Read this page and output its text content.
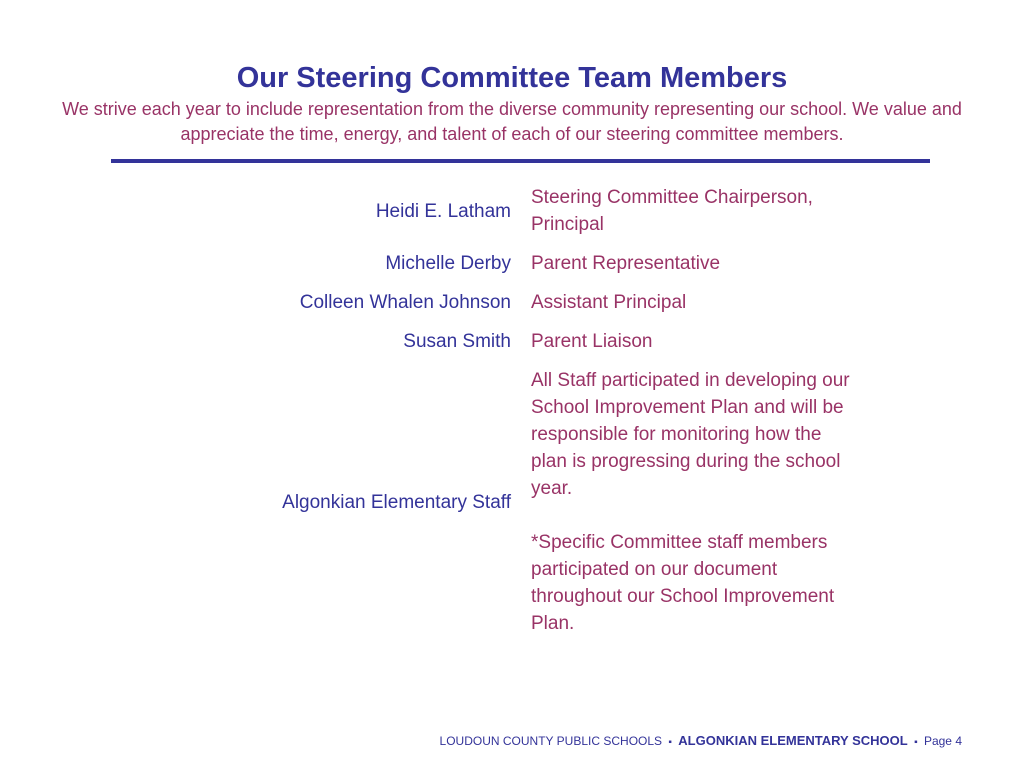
Our Steering Committee Team Members
We strive each year to include representation from the diverse community representing our school. We value and appreciate the time, energy, and talent of each of our steering committee members.
Heidi E. Latham		Steering Committee Chairperson, Principal	
Michelle Derby		Parent Representative	
Colleen Whalen Johnson		Assistant Principal	
Susan Smith		Parent Liaison	
Algonkian Elementary Staff		All Staff participated in developing our School Improvement Plan and will be responsible for monitoring how the plan is progressing during the school year.

*Specific Committee staff members participated on our document throughout our School Improvement Plan.	

LOUDOUN COUNTY PUBLIC SCHOOLS ▪ ALGONKIAN ELEMENTARY SCHOOL ▪ Page 4
